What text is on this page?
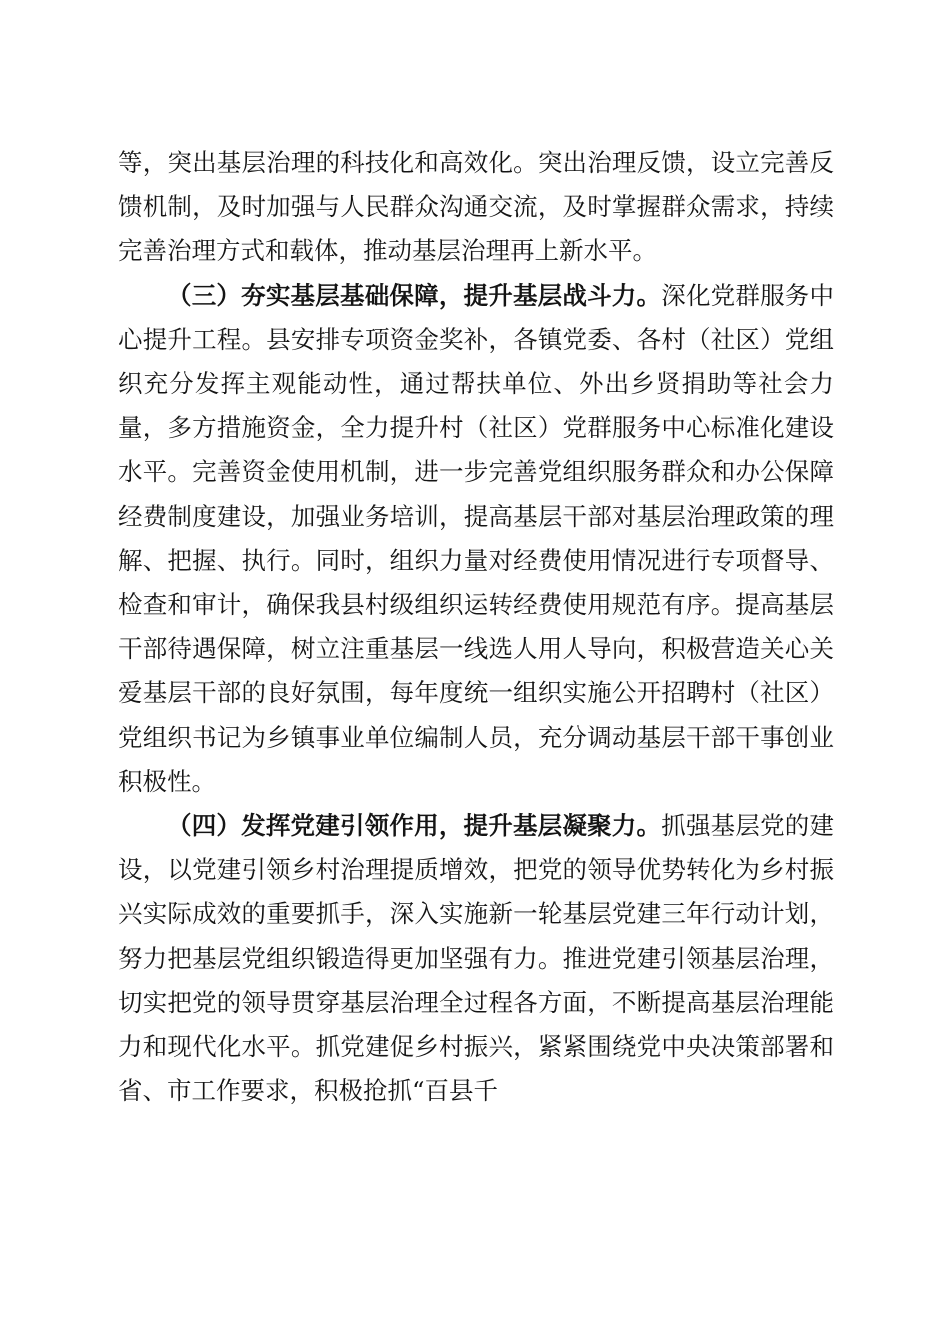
等，突出基层治理的科技化和高效化。突出治理反馈，设立完善反馈机制，及时加强与人民群众沟通交流，及时掌握群众需求，持续完善治理方式和载体，推动基层治理再上新水平。

（三）夯实基层基础保障，提升基层战斗力。深化党群服务中心提升工程。县安排专项资金奖补，各镇党委、各村（社区）党组织充分发挥主观能动性，通过帮扶单位、外出乡贤捐助等社会力量，多方措施资金，全力提升村（社区）党群服务中心标准化建设水平。完善资金使用机制，进一步完善党组织服务群众和办公保障经费制度建设，加强业务培训，提高基层干部对基层治理政策的理解、把握、执行。同时，组织力量对经费使用情况进行专项督导、检查和审计，确保我县村级组织运转经费使用规范有序。提高基层干部待遇保障，树立注重基层一线选人用人导向，积极营造关心关爱基层干部的良好氛围，每年度统一组织实施公开招聘村（社区）党组织书记为乡镇事业单位编制人员，充分调动基层干部干事创业积极性。

（四）发挥党建引领作用，提升基层凝聚力。抓强基层党的建设，以党建引领乡村治理提质增效，把党的领导优势转化为乡村振兴实际成效的重要抓手，深入实施新一轮基层党建三年行动计划，努力把基层党组织锻造得更加坚强有力。推进党建引领基层治理，切实把党的领导贯穿基层治理全过程各方面，不断提高基层治理能力和现代化水平。抓党建促乡村振兴，紧紧围绕党中央决策部署和省、市工作要求，积极抢抓“百县千
